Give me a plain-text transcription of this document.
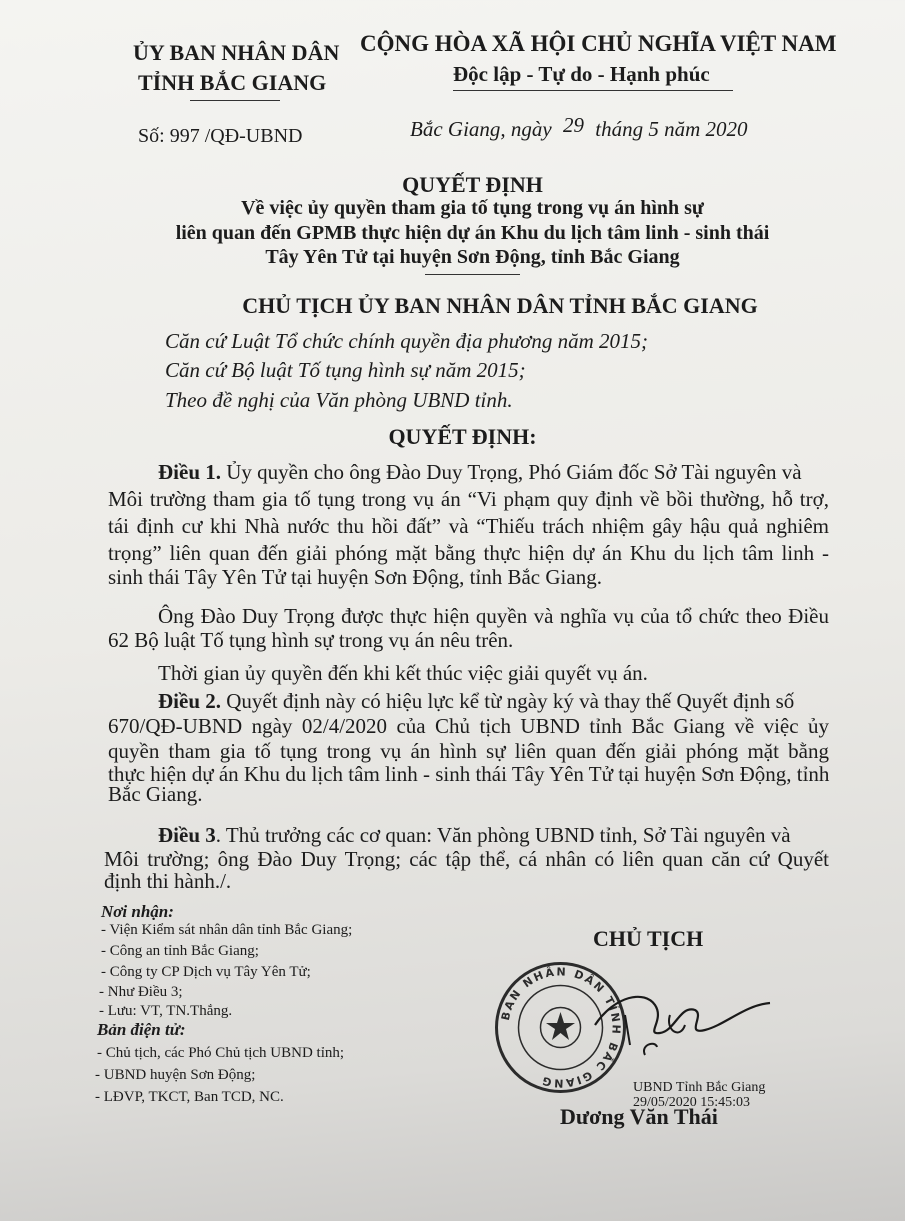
ỦY BAN NHÂN DÂN
TỈNH BẮC GIANG
CỘNG HÒA XÃ HỘI CHỦ NGHĨA VIỆT NAM
Độc lập - Tự do - Hạnh phúc
Số: 997 /QĐ-UBND	Bắc Giang, ngày 29 tháng 5 năm 2020
QUYẾT ĐỊNH
Về việc ủy quyền tham gia tố tụng trong vụ án hình sự
liên quan đến GPMB thực hiện dự án Khu du lịch tâm linh - sinh thái
Tây Yên Tử tại huyện Sơn Động, tỉnh Bắc Giang
CHỦ TỊCH ỦY BAN NHÂN DÂN TỈNH BẮC GIANG
Căn cứ Luật Tổ chức chính quyền địa phương năm 2015;
Căn cứ Bộ luật Tố tụng hình sự năm 2015;
Theo đề nghị của Văn phòng UBND tỉnh.
QUYẾT ĐỊNH:
Điều 1. Ủy quyền cho ông Đào Duy Trọng, Phó Giám đốc Sở Tài nguyên và
Môi trường tham gia tố tụng trong vụ án “Vi phạm quy định về bồi thường, hỗ trợ,
tái định cư khi Nhà nước thu hồi đất” và “Thiếu trách nhiệm gây hậu quả nghiêm
trọng” liên quan đến giải phóng mặt bằng thực hiện dự án Khu du lịch tâm linh -
sinh thái Tây Yên Tử tại huyện Sơn Động, tỉnh Bắc Giang.
Ông Đào Duy Trọng được thực hiện quyền và nghĩa vụ của tổ chức theo Điều
62 Bộ luật Tố tụng hình sự trong vụ án nêu trên.
Thời gian ủy quyền đến khi kết thúc việc giải quyết vụ án.
Điều 2. Quyết định này có hiệu lực kể từ ngày ký và thay thế Quyết định số
670/QĐ-UBND ngày 02/4/2020 của Chủ tịch UBND tỉnh Bắc Giang về việc ủy
quyền tham gia tố tụng trong vụ án hình sự liên quan đến giải phóng mặt bằng
thực hiện dự án Khu du lịch tâm linh - sinh thái Tây Yên Tử tại huyện Sơn Động, tỉnh
Bắc Giang.
Điều 3. Thủ trưởng các cơ quan: Văn phòng UBND tỉnh, Sở Tài nguyên và
Môi trường; ông Đào Duy Trọng; các tập thể, cá nhân có liên quan căn cứ Quyết
định thi hành./.
Nơi nhận:
- Viện Kiểm sát nhân dân tỉnh Bắc Giang;
- Công an tỉnh Bắc Giang;
- Công ty CP Dịch vụ Tây Yên Tử;
- Như Điều 3;
- Lưu: VT, TN.Thắng.
Bản điện tử:
- Chủ tịch, các Phó Chủ tịch UBND tỉnh;
- UBND huyện Sơn Động;
- LĐVP, TKCT, Ban TCD, NC.
CHỦ TỊCH
BAN NHÂN DÂN TỈNH BẮC GIANG	UBND Tỉnh Bắc Giang
29/05/2020 15:45:03
Dương Văn Thái
